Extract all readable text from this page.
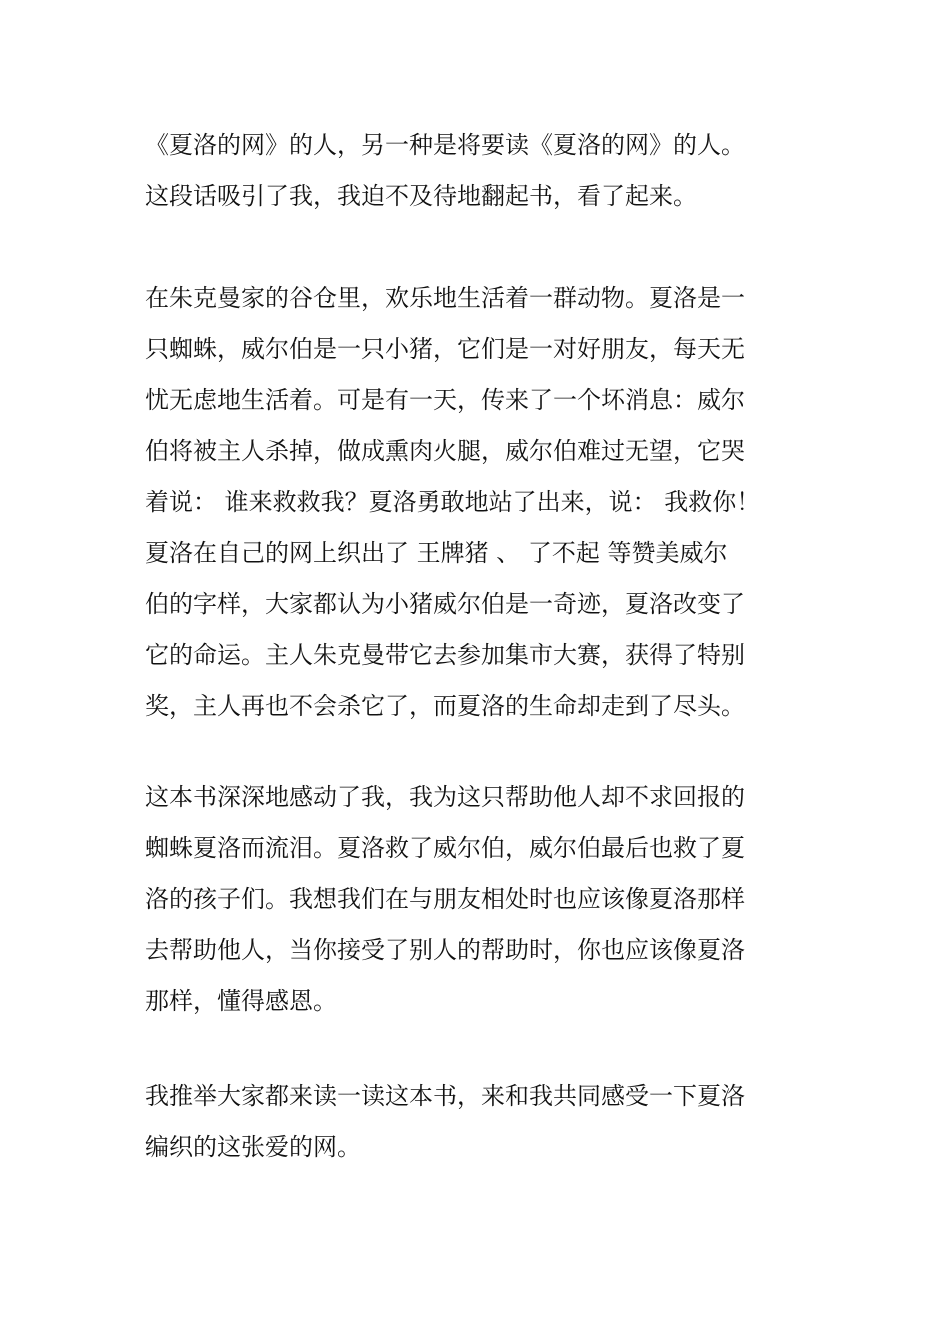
《夏洛的网》的人，另一种是将要读《夏洛的网》的人。
这段话吸引了我，我迫不及待地翻起书，看了起来。
在朱克曼家的谷仓里，欢乐地生活着一群动物。夏洛是一
只蜘蛛，威尔伯是一只小猪，它们是一对好朋友，每天无
忧无虑地生活着。可是有一天，传来了一个坏消息：威尔
伯将被主人杀掉，做成熏肉火腿，威尔伯难过无望，它哭
着说： 谁来救救我？夏洛勇敢地站了出来，说： 我救你！
夏洛在自己的网上织出了 王牌猪 、 了不起 等赞美威尔
伯的字样，大家都认为小猪威尔伯是一奇迹，夏洛改变了
它的命运。主人朱克曼带它去参加集市大赛，获得了特别
奖，主人再也不会杀它了，而夏洛的生命却走到了尽头。
这本书深深地感动了我，我为这只帮助他人却不求回报的
蜘蛛夏洛而流泪。夏洛救了威尔伯，威尔伯最后也救了夏
洛的孩子们。我想我们在与朋友相处时也应该像夏洛那样
去帮助他人，当你接受了别人的帮助时，你也应该像夏洛
那样，懂得感恩。
我推举大家都来读一读这本书，来和我共同感受一下夏洛
编织的这张爱的网。
